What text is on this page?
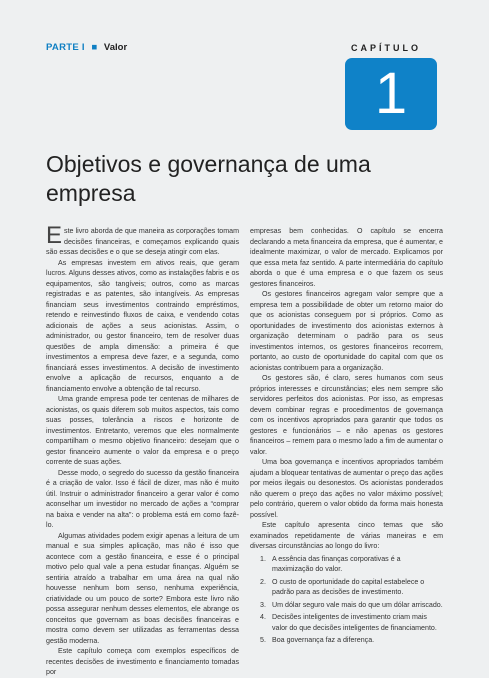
PARTE I ■ Valor	CAPÍTULO
1
Objetivos e governança de uma empresa

Este livro aborda de que maneira as corporações tomam decisões financeiras, e começamos explicando quais são essas decisões e o que se deseja atingir com elas.

As empresas investem em ativos reais, que geram lucros. Alguns desses ativos, como as instalações fabris e os equipamentos, são tangíveis; outros, como as marcas registradas e as patentes, são intangíveis. As empresas financiam seus investimentos contraindo empréstimos, retendo e reinvestindo fluxos de caixa, e vendendo cotas adicionais de ações a seus acionistas. Assim, o administrador, ou gestor financeiro, tem de resolver duas questões de ampla dimensão: a primeira é que investimentos a empresa deve fazer, e a segunda, como financiará esses investimentos. A decisão de investimento envolve a aplicação de recursos, enquanto a de financiamento envolve a obtenção de tal recurso.

Uma grande empresa pode ter centenas de milhares de acionistas, os quais diferem sob muitos aspectos, tais como suas posses, tolerância a riscos e horizonte de investimentos. Entretanto, veremos que eles normalmente compartilham o mesmo objetivo financeiro: desejam que o gestor financeiro aumente o valor da empresa e o preço corrente de suas ações.

Desse modo, o segredo do sucesso da gestão financeira é a criação de valor. Isso é fácil de dizer, mas não é muito útil. Instruir o administrador financeiro a gerar valor é como aconselhar um investidor no mercado de ações a “comprar na baixa e vender na alta”: o problema está em como fazê-lo.

Algumas atividades podem exigir apenas a leitura de um manual e sua simples aplicação, mas não é isso que acontece com a gestão financeira, e esse é o principal motivo pelo qual vale a pena estudar finanças. Alguém se sentiria atraído a trabalhar em uma área na qual não houvesse nenhum bom senso, nenhuma experiência, criatividade ou um pouco de sorte? Embora este livro não possa assegurar nenhum desses elementos, ele abrange os conceitos que governam as boas decisões financeiras e mostra como devem ser utilizadas as ferramentas dessa gestão moderna.

Este capítulo começa com exemplos específicos de recentes decisões de investimento e financiamento tomadas por

empresas bem conhecidas. O capítulo se encerra declarando a meta financeira da empresa, que é aumentar, e idealmente maximizar, o valor de mercado. Explicamos por que essa meta faz sentido. A parte intermediária do capítulo aborda o que é uma empresa e o que fazem os seus gestores financeiros.

Os gestores financeiros agregam valor sempre que a empresa tem a possibilidade de obter um retorno maior do que os acionistas conseguem por si próprios. Como as oportunidades de investimento dos acionistas externos à organização determinam o padrão para os seus investimentos internos, os gestores financeiros recorrem, portanto, ao custo de oportunidade do capital com que os acionistas contribuem para a organização.

Os gestores são, é claro, seres humanos com seus próprios interesses e circunstâncias; eles nem sempre são servidores perfeitos dos acionistas. Por isso, as empresas devem combinar regras e procedimentos de governança com os incentivos apropriados para garantir que todos os gestores e funcionários – e não apenas os gestores financeiros – remem para o mesmo lado a fim de aumentar o valor.

Uma boa governança e incentivos apropriados também ajudam a bloquear tentativas de aumentar o preço das ações por meios ilegais ou desonestos. Os acionistas ponderados não querem o preço das ações no valor máximo possível; pelo contrário, querem o valor obtido da forma mais honesta possível.

Este capítulo apresenta cinco temas que são examinados repetidamente de várias maneiras e em diversas circunstâncias ao longo do livro:

1. A essência das finanças corporativas é a maximização do valor.
2. O custo de oportunidade do capital estabelece o padrão para as decisões de investimento.
3. Um dólar seguro vale mais do que um dólar arriscado.
4. Decisões inteligentes de investimento criam mais valor do que decisões inteligentes de financiamento.
5. Boa governança faz a diferença.
